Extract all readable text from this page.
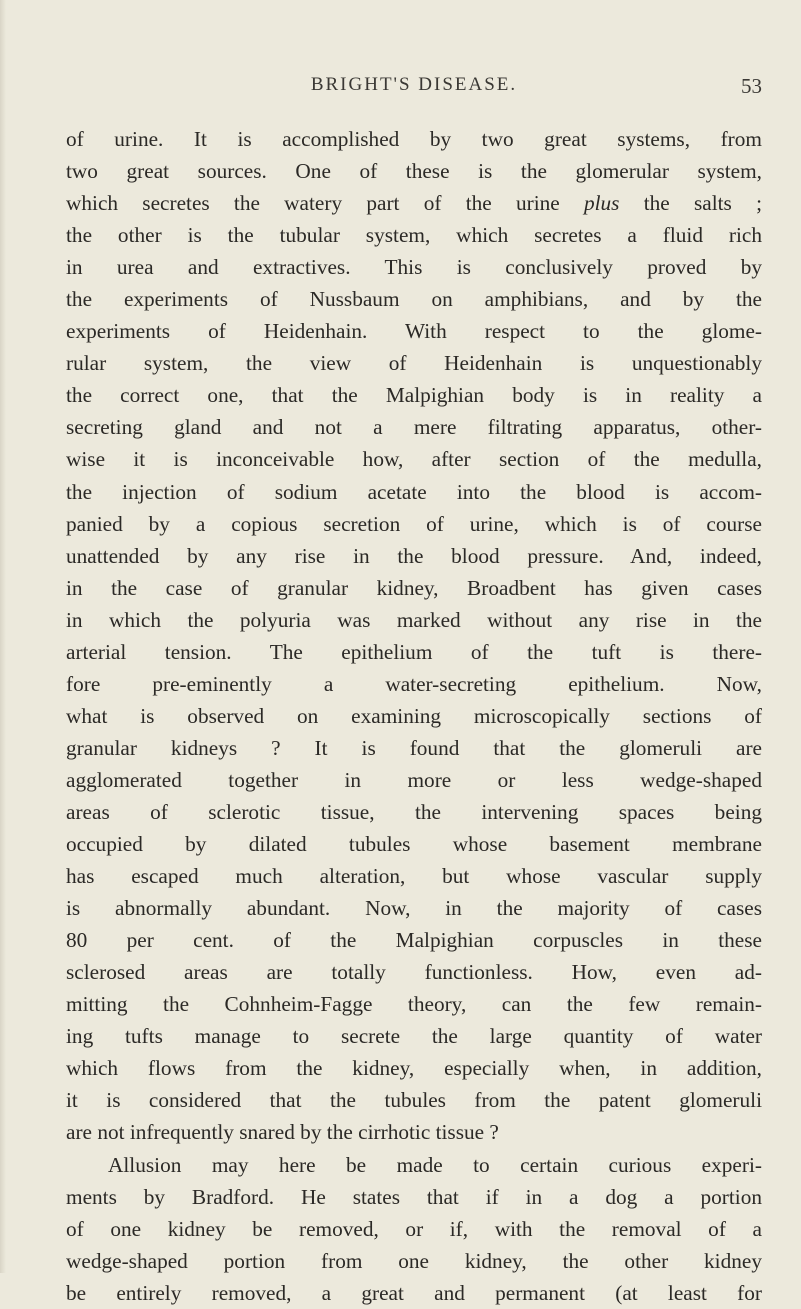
BRIGHT'S DISEASE.	53
of urine. It is accomplished by two great systems, from
two great sources. One of these is the glomerular system,
which secretes the watery part of the urine plus the salts ;
the other is the tubular system, which secretes a fluid rich
in urea and extractives. This is conclusively proved by
the experiments of Nussbaum on amphibians, and by the
experiments of Heidenhain. With respect to the glome-
rular system, the view of Heidenhain is unquestionably
the correct one, that the Malpighian body is in reality a
secreting gland and not a mere filtrating apparatus, other-
wise it is inconceivable how, after section of the medulla,
the injection of sodium acetate into the blood is accom-
panied by a copious secretion of urine, which is of course
unattended by any rise in the blood pressure. And, indeed,
in the case of granular kidney, Broadbent has given cases
in which the polyuria was marked without any rise in the
arterial tension. The epithelium of the tuft is there-
fore pre-eminently a water-secreting epithelium. Now,
what is observed on examining microscopically sections of
granular kidneys ? It is found that the glomeruli are
agglomerated together in more or less wedge-shaped
areas of sclerotic tissue, the intervening spaces being
occupied by dilated tubules whose basement membrane
has escaped much alteration, but whose vascular supply
is abnormally abundant. Now, in the majority of cases
80 per cent. of the Malpighian corpuscles in these
sclerosed areas are totally functionless. How, even ad-
mitting the Cohnheim-Fagge theory, can the few remain-
ing tufts manage to secrete the large quantity of water
which flows from the kidney, especially when, in addition,
it is considered that the tubules from the patent glomeruli
are not infrequently snared by the cirrhotic tissue ?
Allusion may here be made to certain curious experi-
ments by Bradford. He states that if in a dog a portion
of one kidney be removed, or if, with the removal of a
wedge-shaped portion from one kidney, the other kidney
be entirely removed, a great and permanent (at least for
